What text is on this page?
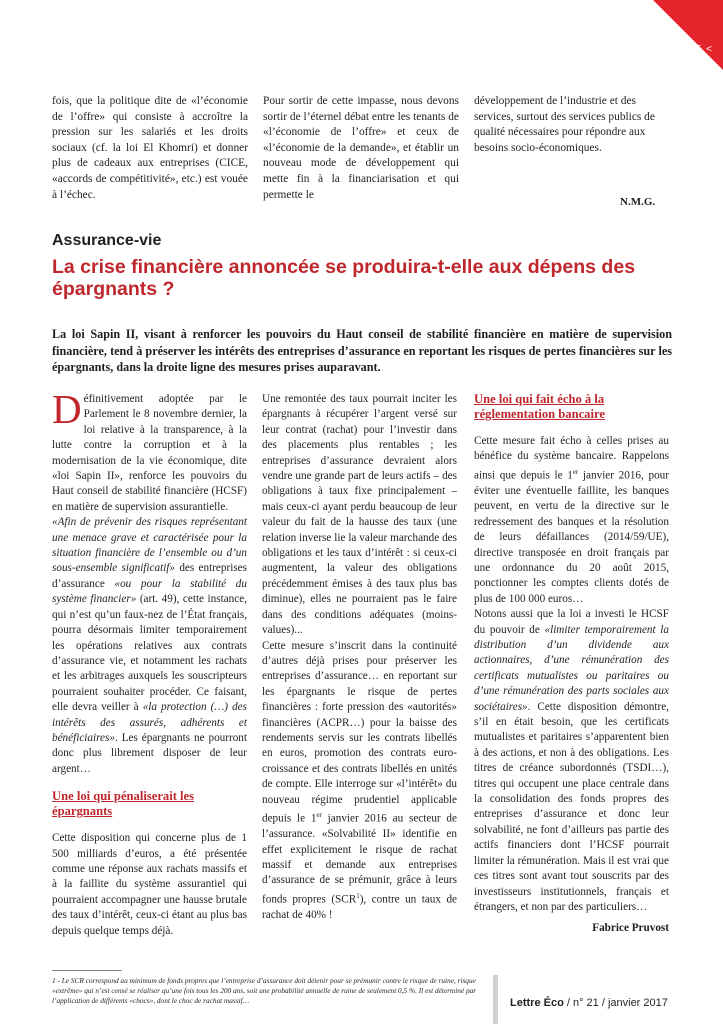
5 <
fois, que la politique dite de «l’économie de l’offre» qui consiste à accroître la pression sur les salariés et les droits sociaux (cf. la loi El Khomri) et donner plus de cadeaux aux entreprises (CICE, «accords de compétitivité», etc.) est vouée à l’échec.
Pour sortir de cette impasse, nous devons sortir de l’éternel débat entre les tenants de «l’économie de l’offre» et ceux de «l’économie de la demande», et établir un nouveau mode de développement qui mette fin à la financiarisation et qui permette le
développement de l’industrie et des services, surtout des services publics de qualité nécessaires pour répondre aux besoins socio-économiques.
N.M.G.
Assurance-vie
La crise financière annoncée se produira-t-elle aux dépens des épargnants ?
La loi Sapin II, visant à renforcer les pouvoirs du Haut conseil de stabilité financière en matière de supervision financière, tend à préserver les intérêts des entreprises d’assurance en reportant les risques de pertes financières sur les épargnants, dans la droite ligne des mesures prises auparavant.

Définitivement adoptée par le Parlement le 8 novembre dernier, la loi relative à la transparence, à la lutte contre la corruption et à la modernisation de la vie économique, dite «loi Sapin II», renforce les pouvoirs du Haut conseil de stabilité financière (HCSF) en matière de supervision assurantielle.

«Afin de prévenir des risques représentant une menace grave et caractérisée pour la situation financière de l’ensemble ou d’un sous-ensemble significatif» des entreprises d’assurance «ou pour la stabilité du système financier» (art. 49), cette instance, qui n’est qu’un faux-nez de l’État français, pourra désormais limiter temporairement les opérations relatives aux contrats d’assurance vie, et notamment les rachats et les arbitrages auxquels les souscripteurs pourraient souhaiter procéder. Ce faisant, elle devra veiller à «la protection (…) des intérêts des assurés, adhérents et bénéficiaires». Les épargnants ne pourront donc plus librement disposer de leur argent…

Une loi qui pénaliserait les épargnants

Cette disposition qui concerne plus de 1 500 milliards d’euros, a été présentée comme une réponse aux rachats massifs et à la faillite du système assurantiel qui pourraient accompagner une hausse brutale des taux d’intérêt, ceux-ci étant au plus bas depuis quelque temps déjà.

Une remontée des taux pourrait inciter les épargnants à récupérer l’argent versé sur leur contrat (rachat) pour l’investir dans des placements plus rentables ; les entreprises d’assurance devraient alors vendre une grande part de leurs actifs – des obligations à taux fixe principalement – mais ceux-ci ayant perdu beaucoup de leur valeur du fait de la hausse des taux (une relation inverse lie la valeur marchande des obligations et les taux d’intérêt : si ceux-ci augmentent, la valeur des obligations précédemment émises à des taux plus bas diminue), elles ne pourraient pas le faire dans des conditions adéquates (moins-values)...

Cette mesure s’inscrit dans la continuité d’autres déjà prises pour préserver les entreprises d’assurance… en reportant sur les épargnants le risque de pertes financières : forte pression des «autorités» financières (ACPR…) pour la baisse des rendements servis sur les contrats libellés en euros, promotion des contrats euro-croissance et des contrats libellés en unités de compte. Elle interroge sur «l’intérêt» du nouveau régime prudentiel applicable depuis le 1er janvier 2016 au secteur de l’assurance. «Solvabilité II» identifie en effet explicitement le risque de rachat massif et demande aux entreprises d’assurance de se prémunir, grâce à leurs fonds propres (SCR$^1$), contre un taux de rachat de 40% !

Une loi qui fait écho à la réglementation bancaire

Cette mesure fait écho à celles prises au bénéfice du système bancaire. Rappelons ainsi que depuis le 1er janvier 2016, pour éviter une éventuelle faillite, les banques peuvent, en vertu de la directive sur le redressement des banques et la résolution de leurs défaillances (2014/59/UE), directive transposée en droit français par une ordonnance du 20 août 2015, ponctionner les comptes clients dotés de plus de 100 000 euros…

Notons aussi que la loi a investi le HCSF du pouvoir de «limiter temporairement la distribution d’un dividende aux actionnaires, d’une rémunération des certificats mutualistes ou paritaires ou d’une rémunération des parts sociales aux sociétaires». Cette disposition démontre, s’il en était besoin, que les certificats mutualistes et paritaires s’apparentent bien à des actions, et non à des obligations. Les titres de créance subordonnés (TSDI…), titres qui occupent une place centrale dans la consolidation des fonds propres des entreprises d’assurance et donc leur solvabilité, ne font d’ailleurs pas partie des actifs financiers dont l’HCSF pourrait limiter la rémunération. Mais il est vrai que ces titres sont avant tout souscrits par des investisseurs institutionnels, français et étrangers, et non par des particuliers…

Fabrice Pruvost
1 - Le SCR correspond au minimum de fonds propres que l’entreprise d’assurance doit détenir pour se prémunir contre le risque de ruine, risque «extrême» qui n’est censé se réaliser qu’une fois tous les 200 ans, soit une probabilité annuelle de ruine de seulement 0,5 %. Il est déterminé par l’application de différents «chocs», dont le choc de rachat massif…	Lettre Éco / n° 21 / janvier 2017
